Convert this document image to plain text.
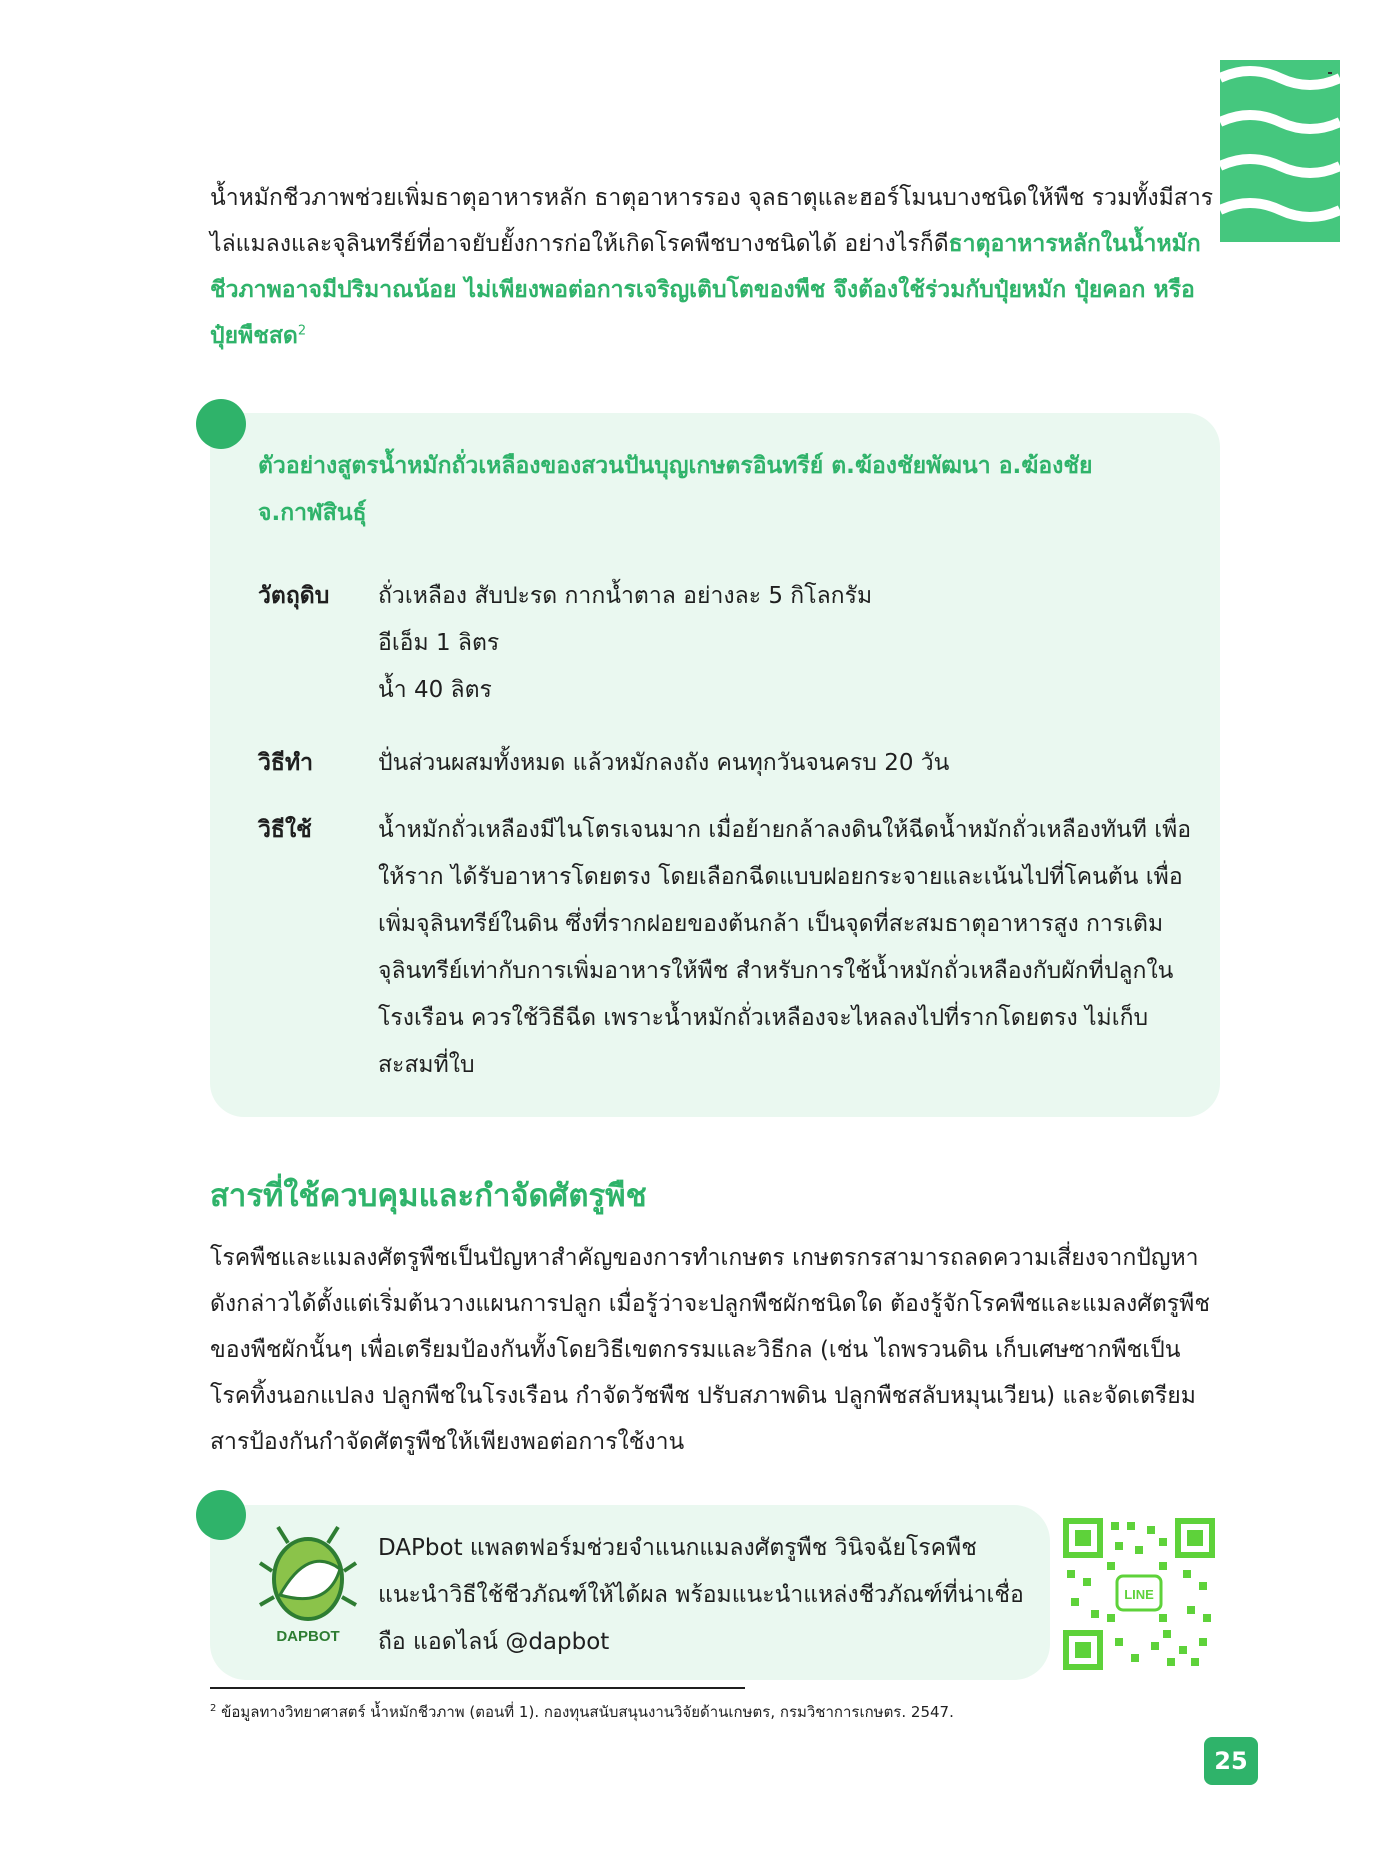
น้ำหมักชีวภาพช่วยเพิ่มธาตุอาหารหลัก ธาตุอาหารรอง จุลธาตุและฮอร์โมนบางชนิดให้พืช รวมทั้งมีสารไล่แมลงและจุลินทรีย์ที่อาจยับยั้งการก่อให้เกิดโรคพืชบางชนิดได้ อย่างไรก็ดีธาตุอาหารหลักในน้ำหมักชีวภาพอาจมีปริมาณน้อย ไม่เพียงพอต่อการเจริญเติบโตของพืช จึงต้องใช้ร่วมกับปุ๋ยหมัก ปุ๋ยคอก หรือปุ๋ยพืชสด$^2$

ตัวอย่างสูตรน้ำหมักถั่วเหลืองของสวนปันบุญเกษตรอินทรีย์ ต.ฆ้องชัยพัฒนา อ.ฆ้องชัย จ.กาฬสินธุ์

วัตถุดิบ ถั่วเหลือง สับปะรด กากน้ำตาล อย่างละ 5 กิโลกรัม
อีเอ็ม 1 ลิตร
น้ำ 40 ลิตร
วิธีทำ	ปั่นส่วนผสมทั้งหมด แล้วหมักลงถัง คนทุกวันจนครบ 20 วัน
วิธีใช้	น้ำหมักถั่วเหลืองมีไนโตรเจนมาก เมื่อย้ายกล้าลงดินให้ฉีดน้ำหมักถั่วเหลืองทันที เพื่อให้ราก ได้รับอาหารโดยตรง โดยเลือกฉีดแบบฝอยกระจายและเน้นไปที่โคนต้น เพื่อเพิ่มจุลินทรีย์ในดิน ซึ่งที่รากฝอยของต้นกล้า เป็นจุดที่สะสมธาตุอาหารสูง การเติมจุลินทรีย์เท่ากับการเพิ่มอาหารให้พืช สำหรับการใช้น้ำหมักถั่วเหลืองกับผักที่ปลูกในโรงเรือน ควรใช้วิธีฉีด เพราะน้ำหมักถั่วเหลืองจะไหลลงไปที่รากโดยตรง ไม่เก็บสะสมที่ใบ
สารที่ใช้ควบคุมและกำจัดศัตรูพืช

โรคพืชและแมลงศัตรูพืชเป็นปัญหาสำคัญของการทำเกษตร เกษตรกรสามารถลดความเสี่ยงจากปัญหาดังกล่าวได้ตั้งแต่เริ่มต้นวางแผนการปลูก เมื่อรู้ว่าจะปลูกพืชผักชนิดใด ต้องรู้จักโรคพืชและแมลงศัตรูพืชของพืชผักนั้นๆ เพื่อเตรียมป้องกันทั้งโดยวิธีเขตกรรมและวิธีกล (เช่น ไถพรวนดิน เก็บเศษซากพืชเป็นโรคทิ้งนอกแปลง ปลูกพืชในโรงเรือน กำจัดวัชพืช ปรับสภาพดิน ปลูกพืชสลับหมุนเวียน) และจัดเตรียมสารป้องกันกำจัดศัตรูพืชให้เพียงพอต่อการใช้งาน

DAPBOT
DAPbot แพลตฟอร์มช่วยจำแนกแมลงศัตรูพืช วินิจฉัยโรคพืช แนะนำวิธีใช้ชีวภัณฑ์ให้ได้ผล พร้อมแนะนำแหล่งชีวภัณฑ์ที่น่าเชื่อถือ แอดไลน์ @dapbot
LINE
$^2$ ข้อมูลทางวิทยาศาสตร์ น้ำหมักชีวภาพ (ตอนที่ 1). กองทุนสนับสนุนงานวิจัยด้านเกษตร, กรมวิชาการเกษตร. 2547.
25
